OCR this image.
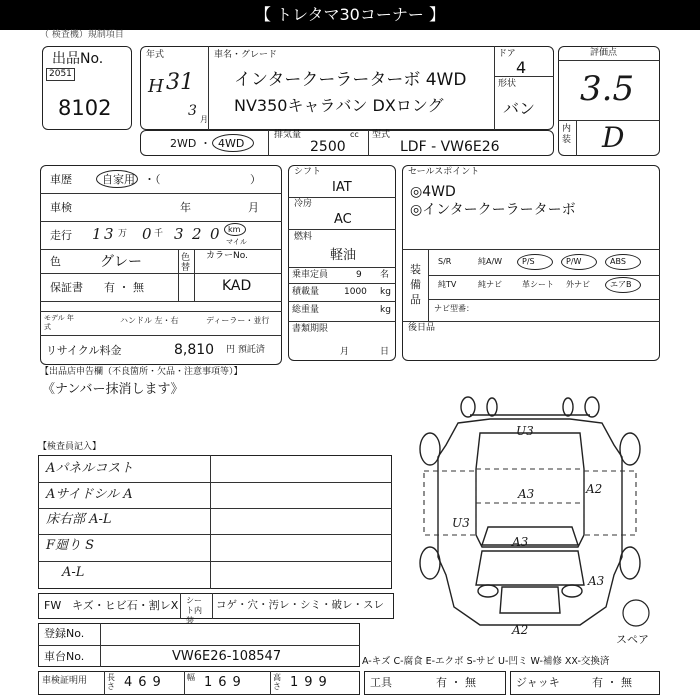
【 トレタマ30コーナー 】
（ 検査機）規制項目
出品No.
2051
8102
年式
H 31
3
月
車名・グレード
インタークーラーターボ 4WD
NV350キャラバン DXロング
ドア
4
形状
バン
評価点
3.5
内装 D
2WD ・ 4WD
排気量	cc
2500
型式
LDF - VW6E26
車歴	自家用 ・（	）
車検	年	月
走行 1 3 万 0 千 3 2 0 km
マイル
色	グレー	色替
カラーNo.
KAD
保証書 有 ・ 無
モデル 年式
ハンドル 左・右	ディーラー・並行
リサイクル料金	8,810 円 預託済
シフト
IAT
冷房
AC
燃料
軽油
乗車定員	9 名
積載量	1000 kg
総重量	kg
書類期限
月	日
セールスポイント
◎4WD
◎インタークーラーターボ
装備品
S/R	純A/W P/S	P/W	ABS
純TV	純ナビ	革シート 外ナビ	エアB
ナビ型番：
後日品
【出品店申告欄（不良箇所・欠品・注意事項等）】
《ナンバー抹消します》
【検査員記入】
Aパネルコスト
Aサイドシル A
床右部 A-L
F廻り S
A-L
U3
A3	A2
U3
A3
A3
A2
スペア
FW キズ・ヒビ石・割レX シート内装
コゲ・穴・汚レ・シミ・破レ・スレ
登録No.
車台No.	VW6E26-108547	A-キズ C-腐食 E-エクボ S-サビ U-凹ミ W-補修 XX-交換済
車検証明用 長さ 469	幅 169	高さ 199	工具	有 ・ 無	ジャッキ	有 ・ 無
